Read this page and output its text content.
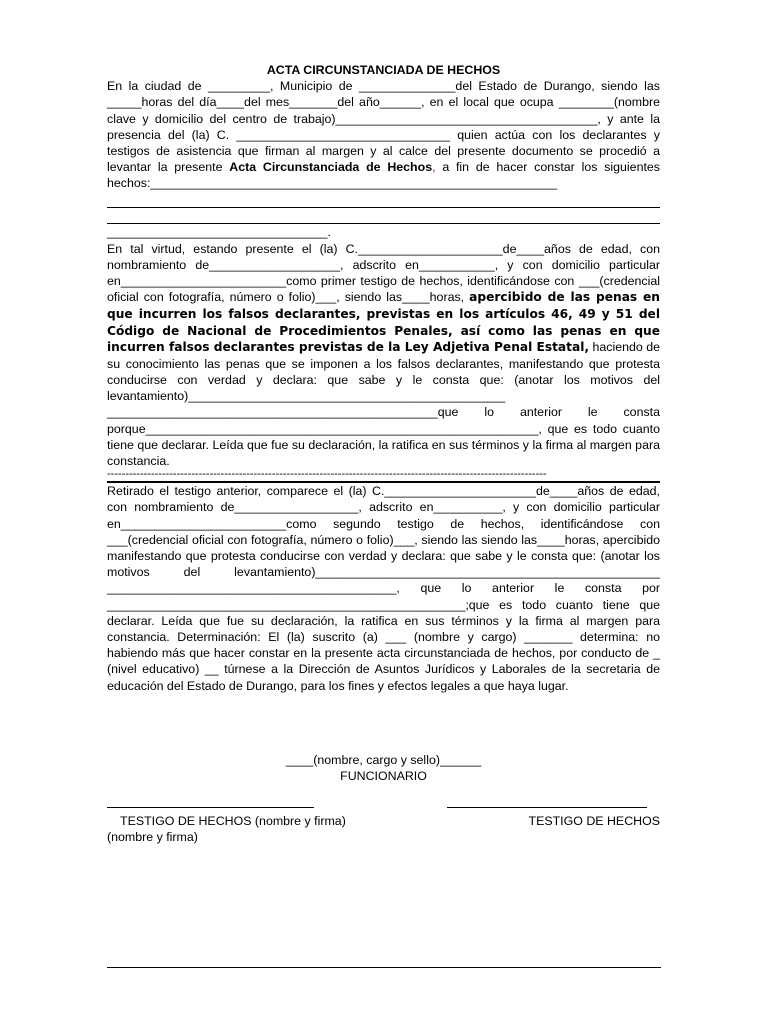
ACTA CIRCUNSTANCIADA DE HECHOS

En la ciudad de _________, Municipio de ______________del Estado de Durango, siendo las _____horas del día____del mes_______del año______, en el local que ocupa ________(nombre clave y domicilio del centro de trabajo)______________________________________, y ante la presencia del (la) C. _______________________________ quien actúa con los declarantes y testigos de asistencia que firman al margen y al calce del presente documento se procedió a levantar la presente Acta Circunstanciada de Hechos, a fin de hacer constar los siguientes hechos:___________________________________________________________

________________________________.

En tal virtud, estando presente el (la) C._____________________de____años de edad, con nombramiento de___________________, adscrito en___________, y con domicilio particular en________________________como primer testigo de hechos, identificándose con ___(credencial oficial con fotografía, número o folio)___, siendo las____horas, apercibido de las penas en que incurren los falsos declarantes, previstas en los artículos 46, 49 y 51 del Código de Nacional de Procedimientos Penales, así como las penas en que incurren falsos declarantes previstas de la Ley Adjetiva Penal Estatal, haciendo de su conocimiento las penas que se imponen a los falsos declarantes, manifestando que protesta conducirse con verdad y declara: que sabe y le consta que: (anotar los motivos del levantamiento)______________________________________________ ________________________________________________que lo anterior le consta porque_________________________________________________________, que es todo cuanto tiene que declarar. Leída que fue su declaración, la ratifica en sus términos y la firma al margen para constancia.

------------------------------------------------------------------------------------------------------------------------

Retirado el testigo anterior, comparece el (la) C.______________________de____años de edad, con nombramiento de__________________, adscrito en__________, y con domicilio particular en________________________como segundo testigo de hechos, identificándose con ___(credencial oficial con fotografía, número o folio)___, siendo las siendo las____horas, apercibido manifestando que protesta conducirse con verdad y declara: que sabe y le consta que: (anotar los motivos del levantamiento)__________________________________________________ __________________________________________, que lo anterior le consta por ____________________________________________________;que es todo cuanto tiene que declarar. Leída que fue su declaración, la ratifica en sus términos y la firma al margen para constancia. Determinación: El (la) suscrito (a) ___ (nombre y cargo) _______ determina: no habiendo más que hacer constar en la presente acta circunstanciada de hechos, por conducto de _ (nivel educativo) __ túrnese a la Dirección de Asuntos Jurídicos y Laborales de la secretaria de educación del Estado de Durango, para los fines y efectos legales a que haya lugar.

____(nombre, cargo y sello)______

FUNCIONARIO

TESTIGO DE HECHOS (nombre y firma)	TESTIGO DE HECHOS

(nombre y firma)
